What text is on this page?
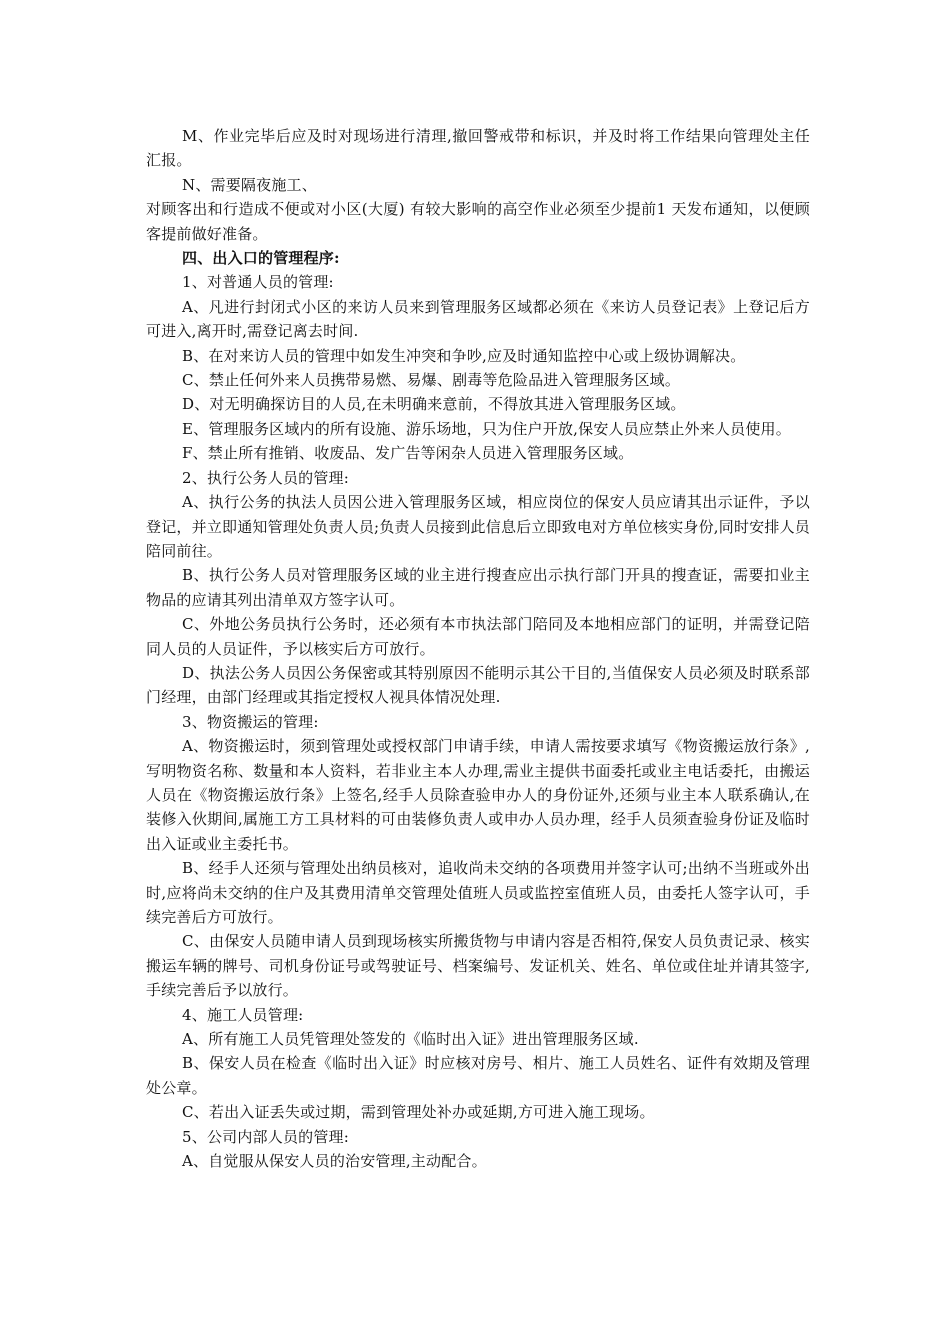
M、作业完毕后应及时对现场进行清理,撤回警戒带和标识，并及时将工作结果向管理处主任汇报。

N、需要隔夜施工、

对顾客出和行造成不便或对小区(大厦) 有较大影响的高空作业必须至少提前1 天发布通知，以便顾客提前做好准备。

四、出入口的管理程序:

1、对普通人员的管理:

A、凡进行封闭式小区的来访人员来到管理服务区域都必须在《来访人员登记表》上登记后方可进入,离开时,需登记离去时间.

B、在对来访人员的管理中如发生冲突和争吵,应及时通知监控中心或上级协调解决。

C、禁止任何外来人员携带易燃、易爆、剧毒等危险品进入管理服务区域。

D、对无明确探访目的人员,在未明确来意前，不得放其进入管理服务区域。

E、管理服务区域内的所有设施、游乐场地，只为住户开放,保安人员应禁止外来人员使用。

F、禁止所有推销、收废品、发广告等闲杂人员进入管理服务区域。

2、执行公务人员的管理:

A、执行公务的执法人员因公进入管理服务区域，相应岗位的保安人员应请其出示证件，予以登记，并立即通知管理处负责人员;负责人员接到此信息后立即致电对方单位核实身份,同时安排人员陪同前往。

B、执行公务人员对管理服务区域的业主进行搜查应出示执行部门开具的搜查证，需要扣业主物品的应请其列出清单双方签字认可。

C、外地公务员执行公务时，还必须有本市执法部门陪同及本地相应部门的证明，并需登记陪同人员的人员证件，予以核实后方可放行。

D、执法公务人员因公务保密或其特别原因不能明示其公干目的,当值保安人员必须及时联系部门经理，由部门经理或其指定授权人视具体情况处理.

3、物资搬运的管理:

A、物资搬运时，须到管理处或授权部门申请手续，申请人需按要求填写《物资搬运放行条》,写明物资名称、数量和本人资料，若非业主本人办理,需业主提供书面委托或业主电话委托，由搬运人员在《物资搬运放行条》上签名,经手人员除查验申办人的身份证外,还须与业主本人联系确认,在装修入伙期间,属施工方工具材料的可由装修负责人或申办人员办理，经手人员须查验身份证及临时出入证或业主委托书。

B、经手人还须与管理处出纳员核对，追收尚未交纳的各项费用并签字认可;出纳不当班或外出时,应将尚未交纳的住户及其费用清单交管理处值班人员或监控室值班人员，由委托人签字认可，手续完善后方可放行。

C、由保安人员随申请人员到现场核实所搬货物与申请内容是否相符,保安人员负责记录、核实搬运车辆的牌号、司机身份证号或驾驶证号、档案编号、发证机关、姓名、单位或住址并请其签字,手续完善后予以放行。

4、施工人员管理:

A、所有施工人员凭管理处签发的《临时出入证》进出管理服务区域.

B、保安人员在检查《临时出入证》时应核对房号、相片、施工人员姓名、证件有效期及管理处公章。

C、若出入证丢失或过期，需到管理处补办或延期,方可进入施工现场。

5、公司内部人员的管理:

A、自觉服从保安人员的治安管理,主动配合。
